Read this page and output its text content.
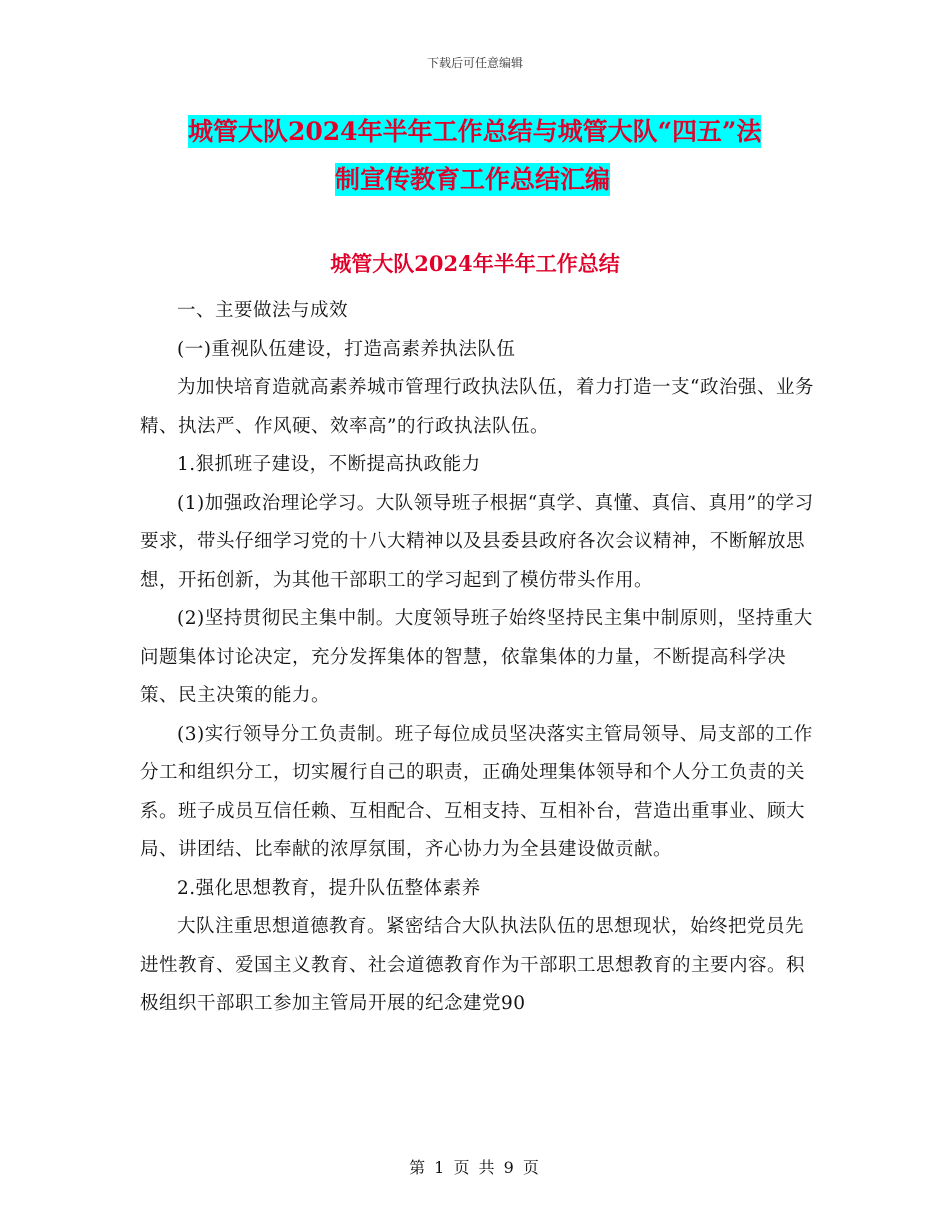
下载后可任意编辑
城管大队2024年半年工作总结与城管大队“四五”法
制宣传教育工作总结汇编
城管大队2024年半年工作总结

一、主要做法与成效

(一)重视队伍建设，打造高素养执法队伍

为加快培育造就高素养城市管理行政执法队伍，着力打造一支“政治强、业务精、执法严、作风硬、效率高”的行政执法队伍。

1.狠抓班子建设，不断提高执政能力

(1)加强政治理论学习。大队领导班子根据“真学、真懂、真信、真用”的学习要求，带头仔细学习党的十八大精神以及县委县政府各次会议精神，不断解放思想，开拓创新，为其他干部职工的学习起到了模仿带头作用。

(2)坚持贯彻民主集中制。大度领导班子始终坚持民主集中制原则，坚持重大问题集体讨论决定，充分发挥集体的智慧，依靠集体的力量，不断提高科学决策、民主决策的能力。

(3)实行领导分工负责制。班子每位成员坚决落实主管局领导、局支部的工作分工和组织分工，切实履行自己的职责，正确处理集体领导和个人分工负责的关系。班子成员互信任赖、互相配合、互相支持、互相补台，营造出重事业、顾大局、讲团结、比奉献的浓厚氛围，齐心协力为全县建设做贡献。

2.强化思想教育，提升队伍整体素养

大队注重思想道德教育。紧密结合大队执法队伍的思想现状，始终把党员先进性教育、爱国主义教育、社会道德教育作为干部职工思想教育的主要内容。积极组织干部职工参加主管局开展的纪念建党90

第 1 页 共 9 页
